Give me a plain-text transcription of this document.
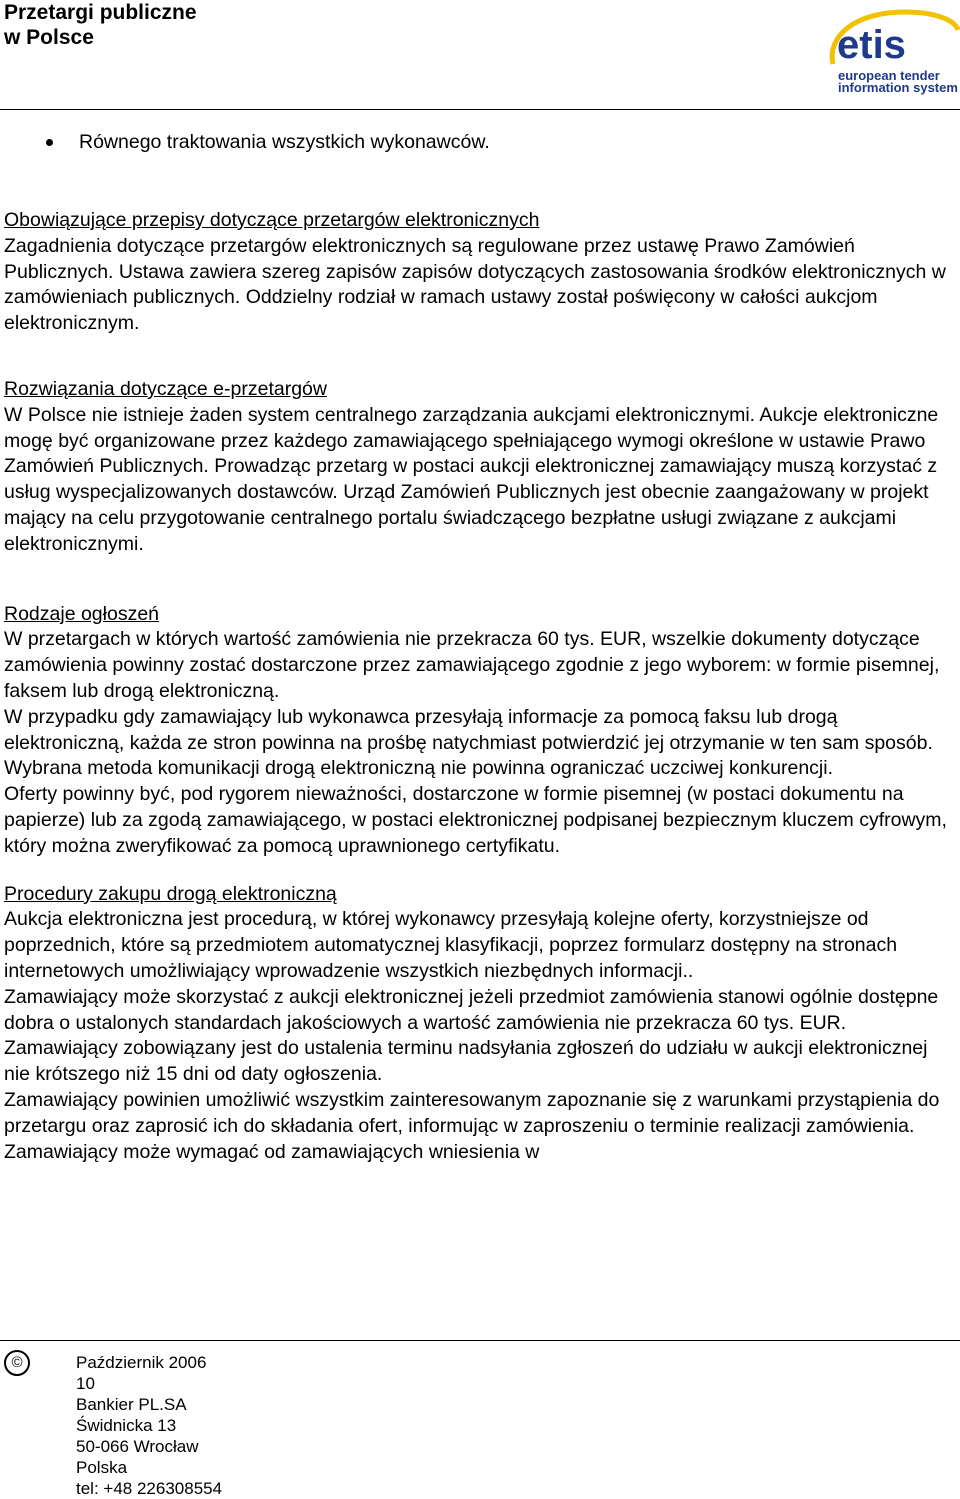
Przetargi publiczne
w Polsce	etis
european tender
information system
Równego traktowania wszystkich wykonawców.
Obowiązujące przepisy dotyczące przetargów elektronicznych

Zagadnienia dotyczące przetargów elektronicznych są regulowane przez ustawę Prawo Zamówień Publicznych. Ustawa zawiera szereg zapisów zapisów dotyczących zastosowania środków elektronicznych w zamówieniach publicznych. Oddzielny rodział w ramach ustawy został poświęcony w całości aukcjom elektronicznym.

Rozwiązania dotyczące e-przetargów

W Polsce nie istnieje żaden system centralnego zarządzania aukcjami elektronicznymi. Aukcje elektroniczne mogę być organizowane przez każdego zamawiającego spełniającego wymogi określone w ustawie Prawo Zamówień Publicznych. Prowadząc przetarg w postaci aukcji elektronicznej zamawiający muszą korzystać z usług wyspecjalizowanych dostawców. Urząd Zamówień Publicznych jest obecnie zaangażowany w projekt mający na celu przygotowanie centralnego portalu świadczącego bezpłatne usługi związane z aukcjami elektronicznymi.

Rodzaje ogłoszeń

W przetargach w których wartość zamówienia nie przekracza 60 tys. EUR, wszelkie dokumenty dotyczące zamówienia powinny zostać dostarczone przez zamawiającego zgodnie z jego wyborem: w formie pisemnej, faksem lub drogą elektroniczną.

W przypadku gdy zamawiający lub wykonawca przesyłają informacje za pomocą faksu lub drogą elektroniczną, każda ze stron powinna na prośbę natychmiast potwierdzić jej otrzymanie w ten sam sposób.

Wybrana metoda komunikacji drogą elektroniczną nie powinna ograniczać uczciwej konkurencji.

Oferty powinny być, pod rygorem nieważności, dostarczone w formie pisemnej (w postaci dokumentu na papierze) lub za zgodą zamawiającego, w postaci elektronicznej podpisanej bezpiecznym kluczem cyfrowym, który można zweryfikować za pomocą uprawnionego certyfikatu.

Procedury zakupu drogą elektroniczną

Aukcja elektroniczna jest procedurą, w której wykonawcy przesyłają kolejne oferty, korzystniejsze od poprzednich, które są przedmiotem automatycznej klasyfikacji, poprzez formularz dostępny na stronach internetowych umożliwiający wprowadzenie wszystkich niezbędnych informacji..

Zamawiający może skorzystać z aukcji elektronicznej jeżeli przedmiot zamówienia stanowi ogólnie dostępne dobra o ustalonych standardach jakościowych a wartość zamówienia nie przekracza 60 tys. EUR.

Zamawiający zobowiązany jest do ustalenia terminu nadsyłania zgłoszeń do udziału w aukcji elektronicznej nie krótszego niż 15 dni od daty ogłoszenia.

Zamawiający powinien umożliwić wszystkim zainteresowanym zapoznanie się z warunkami przystąpienia do przetargu oraz zaprosić ich do składania ofert, informując w zaproszeniu o terminie realizacji zamówienia. Zamawiający może wymagać od zamawiających wniesienia w

©	Październik 2006
10
Bankier PL.SA
Świdnicka 13
50-066 Wrocław
Polska
tel: +48 226308554
